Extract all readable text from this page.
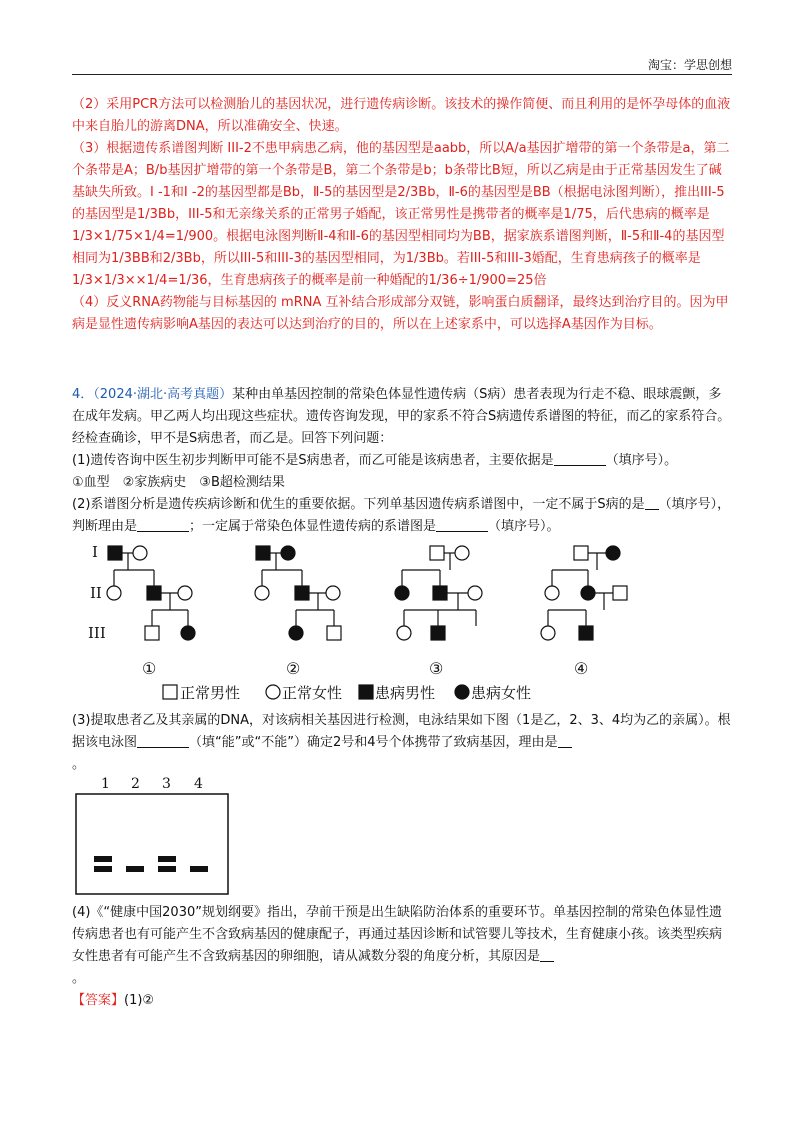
淘宝：学思创想

（2）采用PCR方法可以检测胎儿的基因状况，进行遗传病诊断。该技术的操作简便、而且利用的是怀孕母体的血液中来自胎儿的游离DNA，所以准确安全、快速。

（3）根据遗传系谱图判断 III-2不患甲病患乙病，他的基因型是aabb，所以A/a基因扩增带的第一个条带是a，第二个条带是A；B/b基因扩增带的第一个条带是B，第二个条带是b；b条带比B短，所以乙病是由于正常基因发生了碱基缺失所致。Ⅰ -1和Ⅰ -2的基因型都是Bb，Ⅱ-5的基因型是2/3Bb，Ⅱ-6的基因型是BB（根据电泳图判断），推出III-5的基因型是1/3Bb，III-5和无亲缘关系的正常男子婚配，该正常男性是携带者的概率是1/75，后代患病的概率是1/3×1/75×1/4=1/900。根据电泳图判断Ⅱ-4和Ⅱ-6的基因型相同均为BB，据家族系谱图判断，Ⅱ-5和Ⅱ-4的基因型相同为1/3BB和2/3Bb，所以III-5和III-3的基因型相同，为1/3Bb。若III-5和III-3婚配，生育患病孩子的概率是1/3×1/3××1/4=1/36，生育患病孩子的概率是前一种婚配的1/36÷1/900=25倍

（4）反义RNA药物能与目标基因的 mRNA 互补结合形成部分双链，影响蛋白质翻译，最终达到治疗目的。因为甲病是显性遗传病影响A基因的表达可以达到治疗的目的，所以在上述家系中，可以选择A基因作为目标。

4．（2024·湖北·高考真题）某种由单基因控制的常染色体显性遗传病（S病）患者表现为行走不稳、眼球震颤，多在成年发病。甲乙两人均出现这些症状。遗传咨询发现，甲的家系不符合S病遗传系谱图的特征，而乙的家系符合。经检查确诊，甲不是S病患者，而乙是。回答下列问题：

(1)遗传咨询中医生初步判断甲可能不是S病患者，而乙可能是该病患者，主要依据是	（填序号）。

①血型　②家族病史　③B超检测结果

(2)系谱图分析是遗传疾病诊断和优生的重要依据。下列单基因遗传病系谱图中，一定不属于S病的是 （填序号），判断理由是	；一定属于常染色体显性遗传病的系谱图是	（填序号）。

I
II
III
①	②	③	④
正常男性	正常女性 患病男性 患病女性

(3)提取患者乙及其亲属的DNA，对该病相关基因进行检测，电泳结果如下图（1是乙，2、3、4均为乙的亲属）。根据该电泳图	（填“能”或“不能”）确定2号和4号个体携带了致病基因，理由是

。

1 2 3 4

(4)《“健康中国2030”规划纲要》指出，孕前干预是出生缺陷防治体系的重要环节。单基因控制的常染色体显性遗传病患者也有可能产生不含致病基因的健康配子，再通过基因诊断和试管婴儿等技术，生育健康小孩。该类型疾病女性患者有可能产生不含致病基因的卵细胞，请从减数分裂的角度分析，其原因是

。

【答案】(1)②
